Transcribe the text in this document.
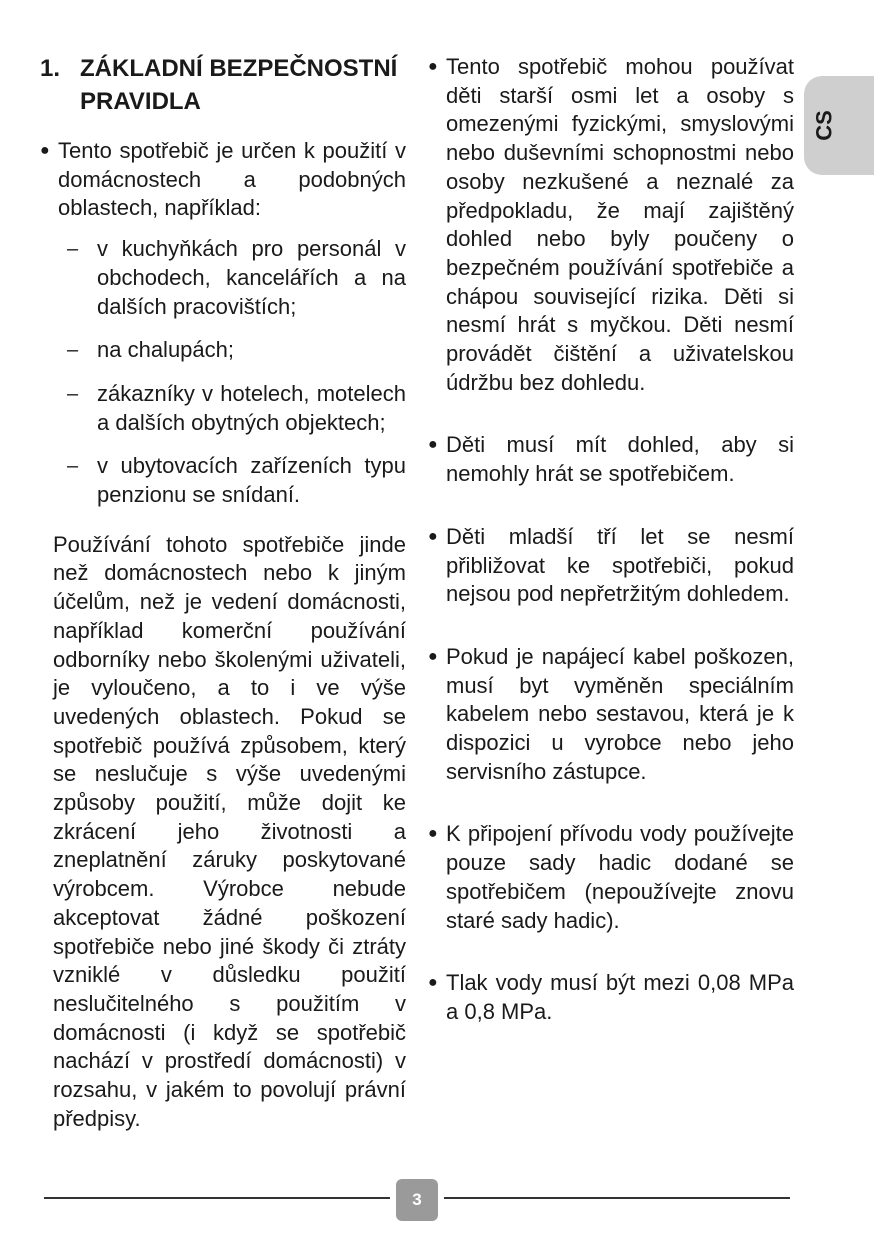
1. ZÁKLADNÍ BEZPEČNOSTNÍ PRAVIDLA
● Tento spotřebič je určen k použití v domácnostech a podobných oblastech, například:
– v kuchyňkách pro personál v obchodech, kancelářích a na dalších pracovištích;
– na chalupách;
– zákazníky v hotelech, motelech a dalších obytných objektech;
– v ubytovacích zařízeních typu penzionu se snídaní.
Používání tohoto spotřebiče jinde než domácnostech nebo k jiným účelům, než je vedení domácnosti, například komerční používání odborníky nebo školenými uživateli, je vyloučeno, a to i ve výše uvedených oblastech. Pokud se spotřebič používá způsobem, který se neslučuje s výše uvedenými způsoby použití, může dojit ke zkrácení jeho životnosti a zneplatnění záruky poskytované výrobcem. Výrobce nebude akceptovat žádné poškození spotřebiče nebo jiné škody či ztráty vzniklé v důsledku použití neslučitelného s použitím v domácnosti (i když se spotřebič nachází v prostředí domácnosti) v rozsahu, v jakém to povolují právní předpisy.
● Tento spotřebič mohou používat děti starší osmi let a osoby s omezenými fyzickými, smyslovými nebo duševními schopnostmi nebo osoby nezkušené a neznalé za předpokladu, že mají zajištěný dohled nebo byly poučeny o bezpečném používání spotřebiče a chápou související rizika. Děti si nesmí hrát s myčkou. Děti nesmí provádět čištění a uživatelskou údržbu bez dohledu.
● Děti musí mít dohled, aby si nemohly hrát se spotřebičem.
● Děti mladší tří let se nesmí přibližovat ke spotřebiči, pokud nejsou pod nepřetržitým dohledem.
● Pokud je napájecí kabel poškozen, musí byt vyměněn speciálním kabelem nebo sestavou, která je k dispozici u vyrobce nebo jeho servisního zástupce.
● K připojení přívodu vody používejte pouze sady hadic dodané se spotřebičem (nepoužívejte znovu staré sady hadic).
● Tlak vody musí být mezi 0,08 MPa a 0,8 MPa.
CS
3
